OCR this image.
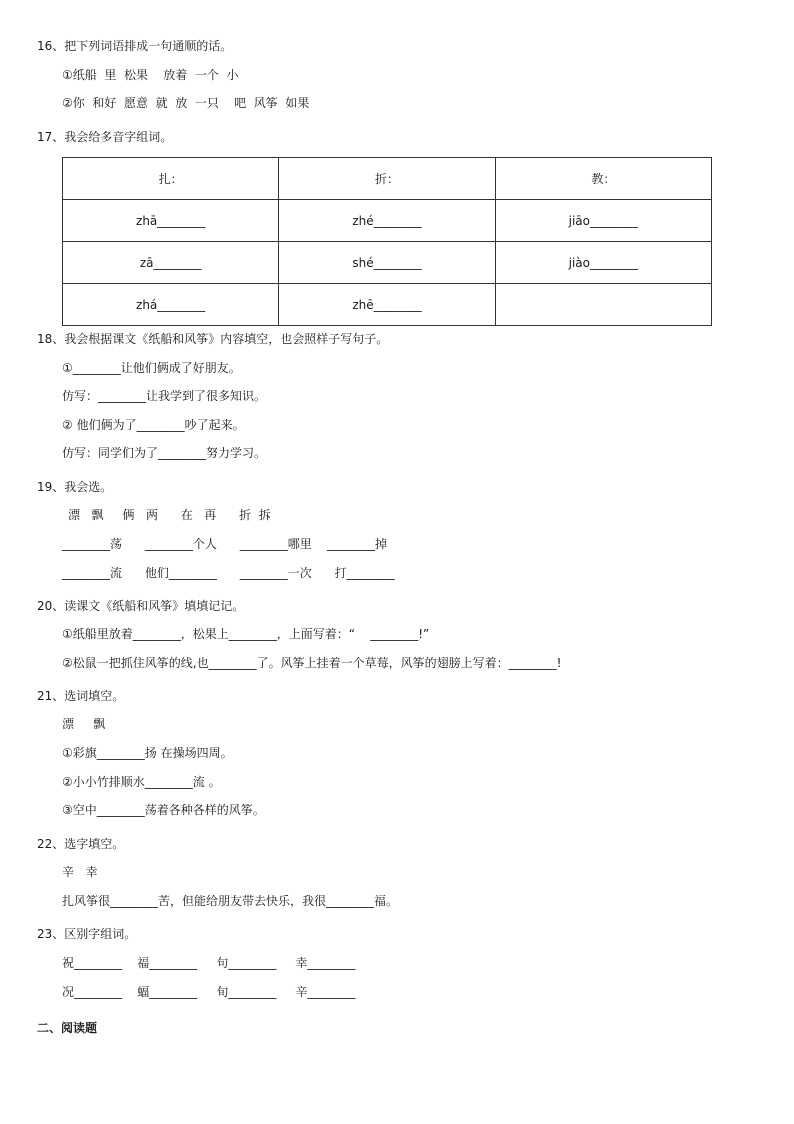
16、把下列词语排成一句通顺的话。
①纸船  里  松果    放着  一个  小
②你  和好  愿意  就  放  一只    吧  风筝  如果
17、我会给多音字组词。
扎：	折：	教：
zhā________	zhé________	jiāo________
zā________	shé________	jiào________
zhá________	zhē________	
18、我会根据课文《纸船和风筝》内容填空，也会照样子写句子。
①________让他们俩成了好朋友。
仿写：________让我学到了很多知识。
② 他们俩为了________吵了起来。
仿写：同学们为了________努力学习。
19、我会选。
漂   飘     俩   两      在   再      折  拆
________荡      ________个人      ________哪里    ________掉
________流      他们________      ________一次      打________
20、读课文《纸船和风筝》填填记记。
①纸船里放着________，松果上________，上面写着：“    ________!”
②松鼠一把抓住风筝的线,也________了。风筝上挂着一个草莓，风筝的翅膀上写着：________!
21、选词填空。
漂     飘
①彩旗________扬 在操场四周。
②小小竹排顺水________流 。
③空中________荡着各种各样的风筝。
22、选字填空。
辛   幸
扎风筝很________苦，但能给朋友带去快乐，我很________福。
23、区别字组词。
祝________    福________     句________     幸________
况________    蝠________     旬________     辛________
二、阅读题
